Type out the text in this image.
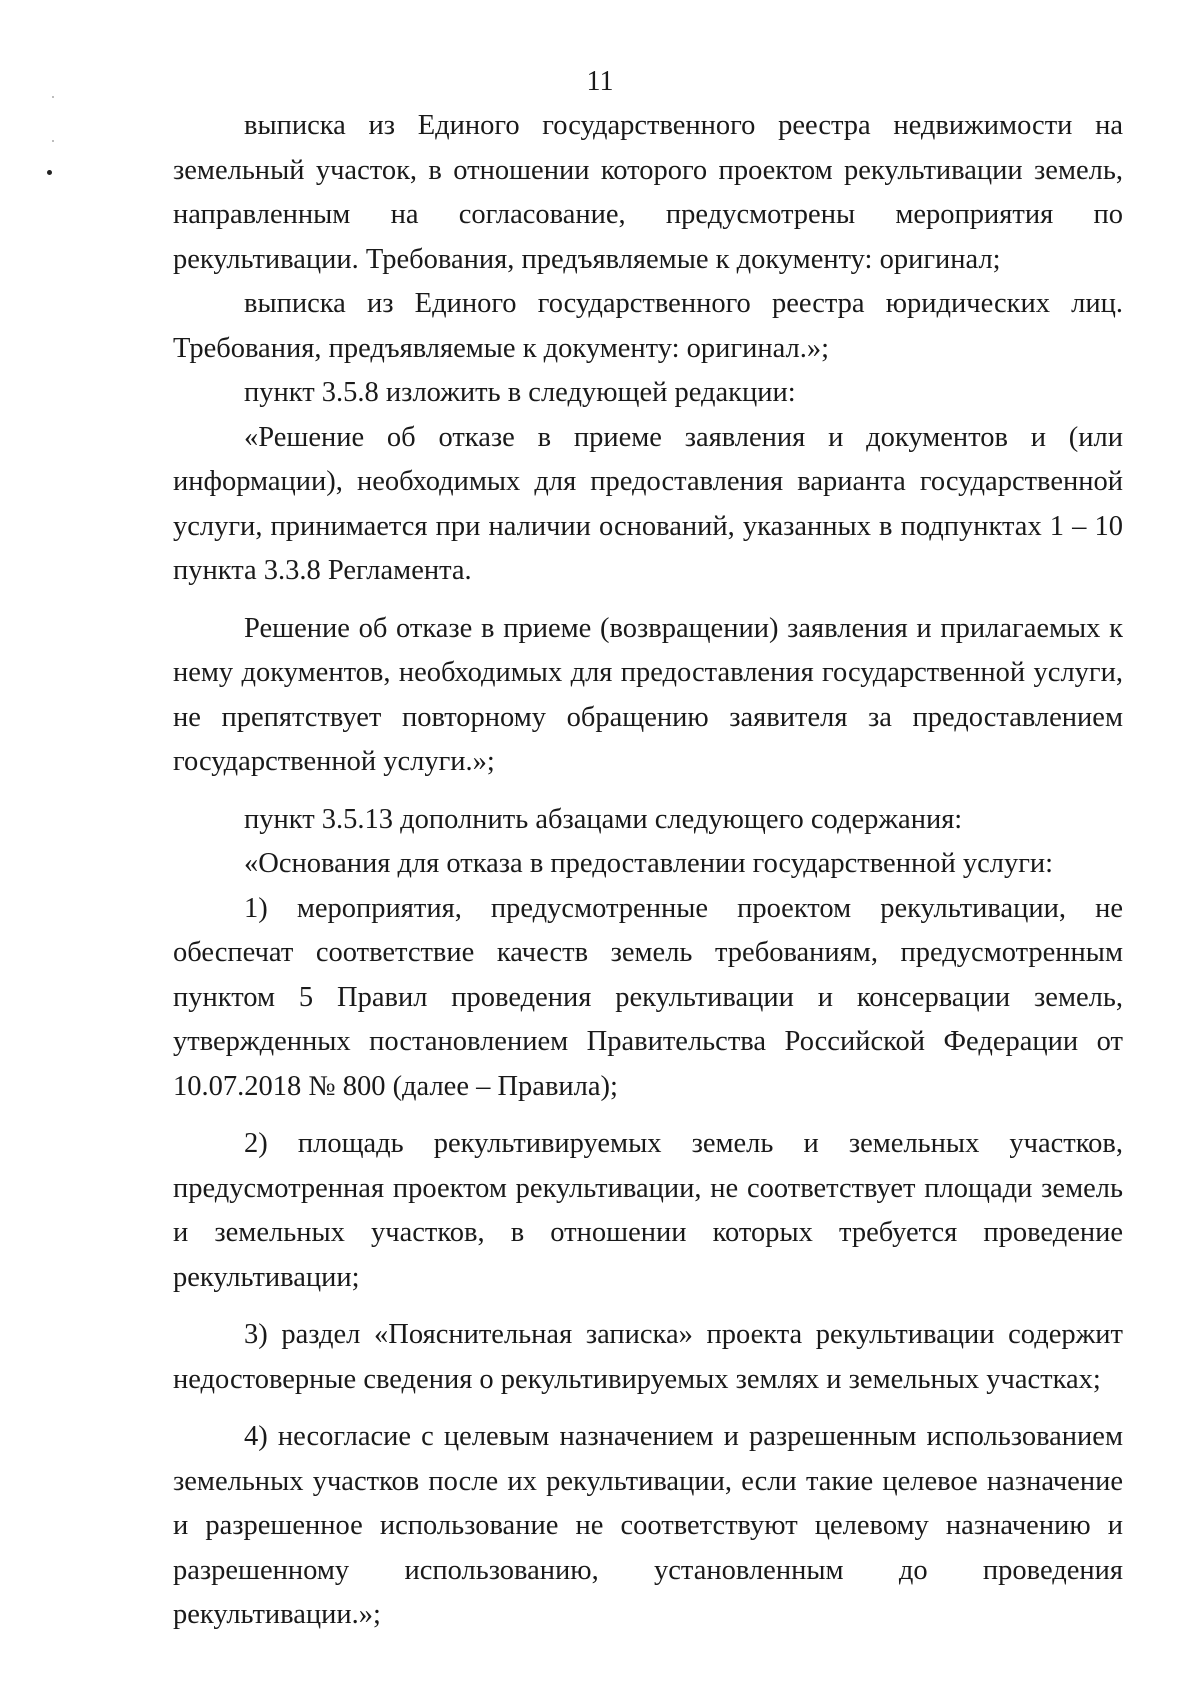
11

выписка из Единого государственного реестра недвижимости на земельный участок, в отношении которого проектом рекультивации земель, направленным на согласование, предусмотрены мероприятия по рекультивации. Требования, предъявляемые к документу: оригинал;

выписка из Единого государственного реестра юридических лиц. Требования, предъявляемые к документу: оригинал.»;

пункт 3.5.8 изложить в следующей редакции:

«Решение об отказе в приеме заявления и документов и (или информации), необходимых для предоставления варианта государственной услуги, принимается при наличии оснований, указанных в подпунктах 1 – 10 пункта 3.3.8 Регламента.

Решение об отказе в приеме (возвращении) заявления и прилагаемых к нему документов, необходимых для предоставления государственной услуги, не препятствует повторному обращению заявителя за предоставлением государственной услуги.»;

пункт 3.5.13 дополнить абзацами следующего содержания:

«Основания для отказа в предоставлении государственной услуги:

1) мероприятия, предусмотренные проектом рекультивации, не обеспечат соответствие качеств земель требованиям, предусмотренным пунктом 5 Правил проведения рекультивации и консервации земель, утвержденных постановлением Правительства Российской Федерации от 10.07.2018 № 800 (далее – Правила);

2) площадь рекультивируемых земель и земельных участков, предусмотренная проектом рекультивации, не соответствует площади земель и земельных участков, в отношении которых требуется проведение рекультивации;

3) раздел «Пояснительная записка» проекта рекультивации содержит недостоверные сведения о рекультивируемых землях и земельных участках;

4) несогласие с целевым назначением и разрешенным использованием земельных участков после их рекультивации, если такие целевое назначение и разрешенное использование не соответствуют целевому назначению и разрешенному использованию, установленным до проведения рекультивации.»;
